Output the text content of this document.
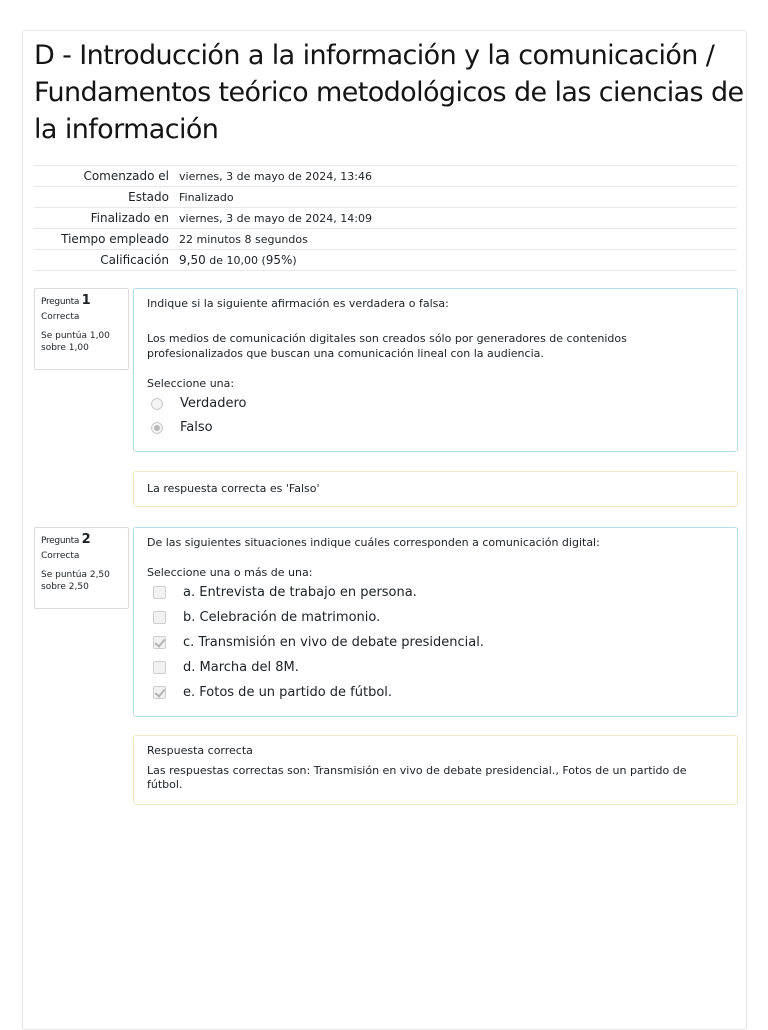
D - Introducción a la información y la comunicación / Fundamentos teórico metodológicos de las ciencias de la información
Comenzado el viernes, 3 de mayo de 2024, 13:46
Estado Finalizado
Finalizado en viernes, 3 de mayo de 2024, 14:09
Tiempo empleado 22 minutos 8 segundos
Calificación 9,50 de 10,00 (95%)
Pregunta 1
Correcta
Se puntúa 1,00 sobre 1,00
Indique si la siguiente afirmación es verdadera o falsa:
Los medios de comunicación digitales son creados sólo por generadores de contenidos profesionalizados que buscan una comunicación lineal con la audiencia.
Seleccione una:
Verdadero
Falso
La respuesta correcta es 'Falso'
Pregunta 2
Correcta
Se puntúa 2,50 sobre 2,50
De las siguientes situaciones indique cuáles corresponden a comunicación digital:
Seleccione una o más de una:
a. Entrevista de trabajo en persona.
b. Celebración de matrimonio.
c. Transmisión en vivo de debate presidencial.
d. Marcha del 8M.
e. Fotos de un partido de fútbol.
Respuesta correcta
Las respuestas correctas son: Transmisión en vivo de debate presidencial., Fotos de un partido de fútbol.
